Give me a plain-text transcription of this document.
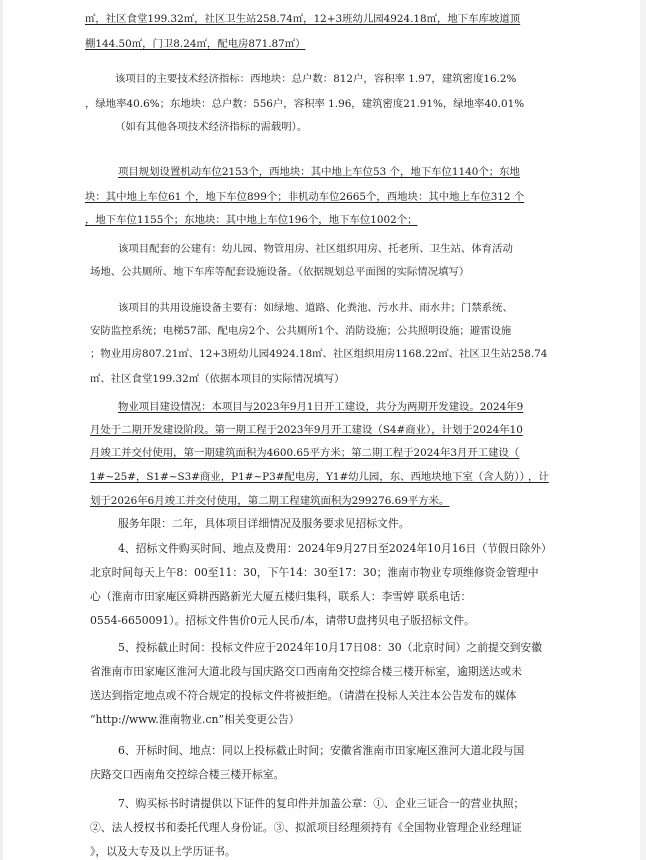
㎡，社区食堂199.32㎡，社区卫生站258.74㎡，12+3班幼儿园4924.18㎡，地下车库坡道顶
棚144.50㎡，门卫8.24㎡，配电房871.87㎡）
该项目的主要技术经济指标：西地块：总户数：812户，容积率 1.97，建筑密度16.2%
，绿地率40.6%；东地块：总户数：556户，容积率 1.96，建筑密度21.91%，绿地率40.01%
（如有其他各项技术经济指标的需载明）。
项目规划设置机动车位2153个，西地块：其中地上车位53 个，地下车位1140个；东地
块：其中地上车位61 个，地下车位899个；非机动车位2665个，西地块：其中地上车位312 个
，地下车位1155个；东地块：其中地上车位196个，地下车位1002个；
该项目配套的公建有：幼儿园、物管用房、社区组织用房、托老所、卫生站、体育活动
场地、公共厕所、地下车库等配套设施设备。（依据规划总平面图的实际情况填写）
该项目的共用设施设备主要有：如绿地、道路、化粪池、污水井、雨水井；门禁系统、
安防监控系统；电梯57部、配电房2个、公共厕所1个、消防设施；公共照明设施；避雷设施
；物业用房807.21㎡、12+3班幼儿园4924.18㎡、社区组织用房1168.22㎡、社区卫生站258.74
㎡、社区食堂199.32㎡（依据本项目的实际情况填写）
物业项目建设情况：本项目与2023年9月1日开工建设，共分为两期开发建设。2024年9
月处于二期开发建设阶段。第一期工程于2023年9月开工建设（S4#商业），计划于2024年10
月竣工并交付使用，第一期建筑面积为4600.65平方米；第二期工程于2024年3月开工建设（
1#~25#，S1#~S3#商业，P1#~P3#配电房，Y1#幼儿园，东、西地块地下室（含人防））
，计
划于2026年6月竣工并交付使用，第二期工程建筑面积为299276.69平方米。
服务年限：二年，具体项目详细情况及服务要求见招标文件。
4、招标文件购买时间、地点及费用：2024年9月27日至2024年10月16日（节假日除外）
北京时间每天上午8：00至11：30，下午14：30至17：30；淮南市物业专项维修资金管理中
心（淮南市田家庵区舜耕西路新光大厦五楼归集科，联系人：李雪婷 联系电话：
0554-6650091）。招标文件售价0元人民币/本，请带U盘拷贝电子版招标文件。
5、投标截止时间：投标文件应于2024年10月17日08：30（北京时间）之前提交到安徽
省淮南市田家庵区淮河大道北段与国庆路交口西南角交控综合楼三楼开标室，逾期送达或未
送达到指定地点或不符合规定的投标文件将被拒绝。（请潜在投标人关注本公告发布的媒体
“http://www.淮南物业.cn”相关变更公告）
6、开标时间、地点：同以上投标截止时间；安徽省淮南市田家庵区淮河大道北段与国
庆路交口西南角交控综合楼三楼开标室。
7、购买标书时请提供以下证件的复印件并加盖公章：①、企业三证合一的营业执照；
②、法人授权书和委托代理人身份证。③、拟派项目经理须持有《全国物业管理企业经理证
》，以及大专及以上学历证书。
